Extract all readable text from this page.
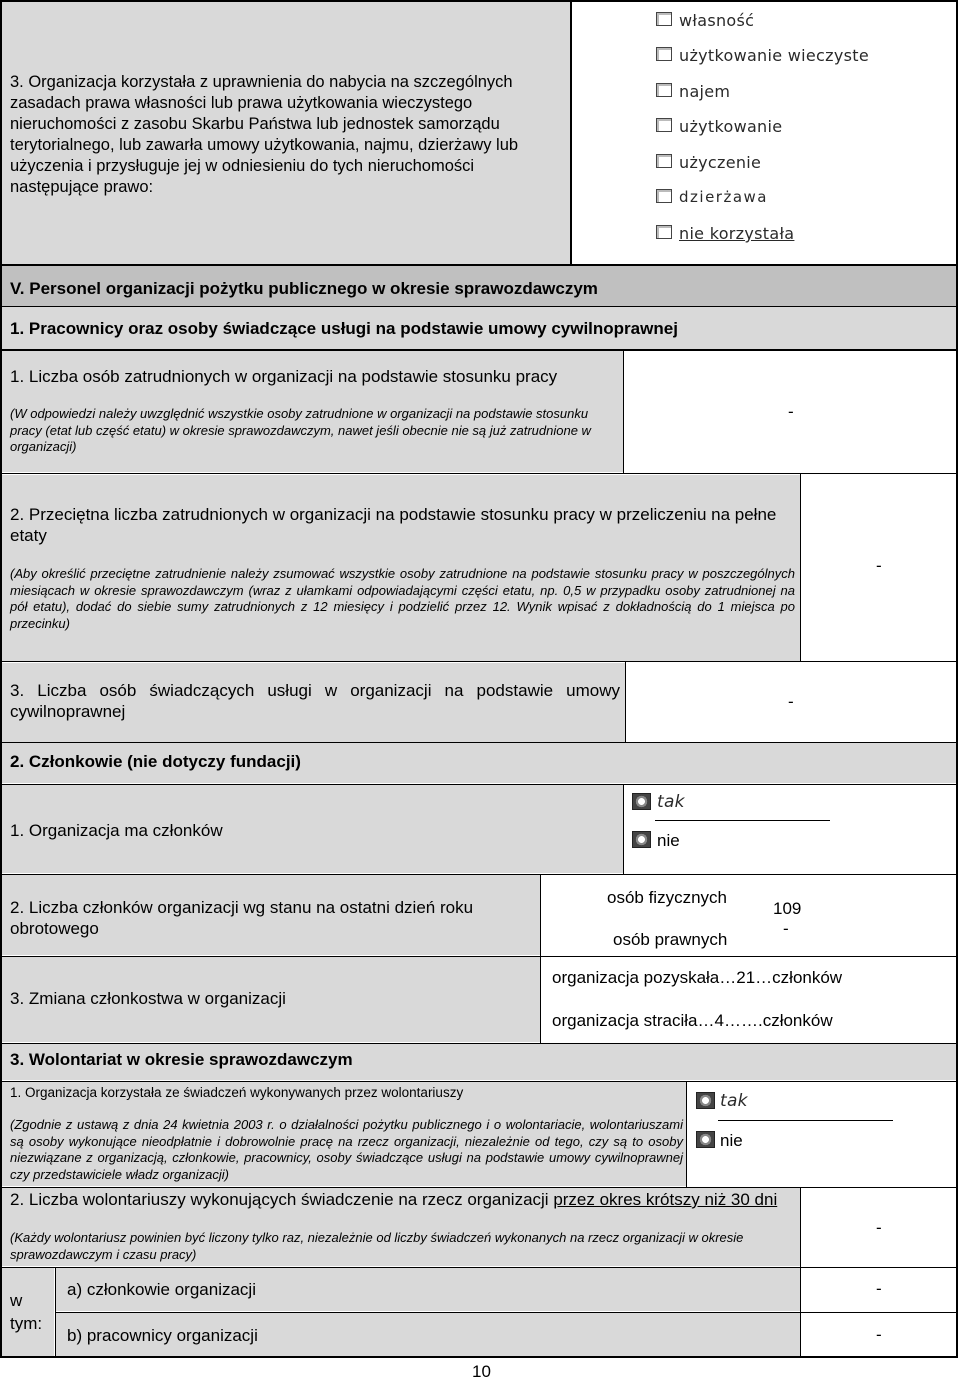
3. Organizacja korzystała z uprawnienia do nabycia na szczególnych zasadach prawa własności lub prawa użytkowania wieczystego nieruchomości z zasobu Skarbu Państwa lub jednostek samorządu terytorialnego, lub zawarła umowy użytkowania, najmu, dzierżawy lub użyczenia i przysługuje jej w odniesieniu do tych nieruchomości następujące prawo:
własność
użytkowanie wieczyste
najem
użytkowanie
użyczenie
dzierżawa
nie korzystała
V. Personel organizacji pożytku publicznego w okresie sprawozdawczym
1. Pracownicy oraz osoby świadczące usługi na podstawie umowy cywilnoprawnej
1. Liczba osób zatrudnionych w organizacji na podstawie stosunku pracy
(W odpowiedzi należy uwzględnić wszystkie osoby zatrudnione w organizacji na podstawie stosunku pracy (etat lub część etatu) w okresie sprawozdawczym, nawet jeśli obecnie nie są już zatrudnione w organizacji)
-
2. Przeciętna liczba zatrudnionych w organizacji na podstawie stosunku pracy w przeliczeniu na pełne etaty
(Aby określić przeciętne zatrudnienie należy zsumować wszystkie osoby zatrudnione na podstawie stosunku pracy w poszczególnych miesiącach w okresie sprawozdawczym (wraz z ułamkami odpowiadającymi części etatu, np. 0,5 w przypadku osoby zatrudnionej na pół etatu), dodać do siebie sumy zatrudnionych z 12 miesięcy i podzielić przez 12. Wynik wpisać z dokładnością do 1 miejsca po przecinku)
-
3. Liczba osób świadczących usługi w organizacji na podstawie umowy cywilnoprawnej
-
2. Członkowie (nie dotyczy fundacji)
1. Organizacja ma członków
tak
nie
2. Liczba członków organizacji wg stanu na ostatni dzień roku obrotowego
osób fizycznych
109
osób prawnych
-
3. Zmiana członkostwa w organizacji
organizacja pozyskała…21…członków
organizacja straciła…4…….członków
3. Wolontariat w okresie sprawozdawczym
1. Organizacja korzystała ze świadczeń wykonywanych przez wolontariuszy
(Zgodnie z ustawą z dnia 24 kwietnia 2003 r. o działalności pożytku publicznego i o wolontariacie, wolontariuszami są osoby wykonujące nieodpłatnie i dobrowolnie pracę na rzecz organizacji, niezależnie od tego, czy są to osoby niezwiązane z organizacją, członkowie, pracownicy, osoby świadczące usługi na podstawie umowy cywilnoprawnej czy przedstawiciele władz organizacji)
tak
nie
2. Liczba wolontariuszy wykonujących świadczenie na rzecz organizacji przez okres krótszy niż 30 dni
(Każdy wolontariusz powinien być liczony tylko raz, niezależnie od liczby świadczeń wykonanych na rzecz organizacji w okresie sprawozdawczym i czasu pracy)
-
w
tym:
a) członkowie organizacji	-
b) pracownicy organizacji	-
10
